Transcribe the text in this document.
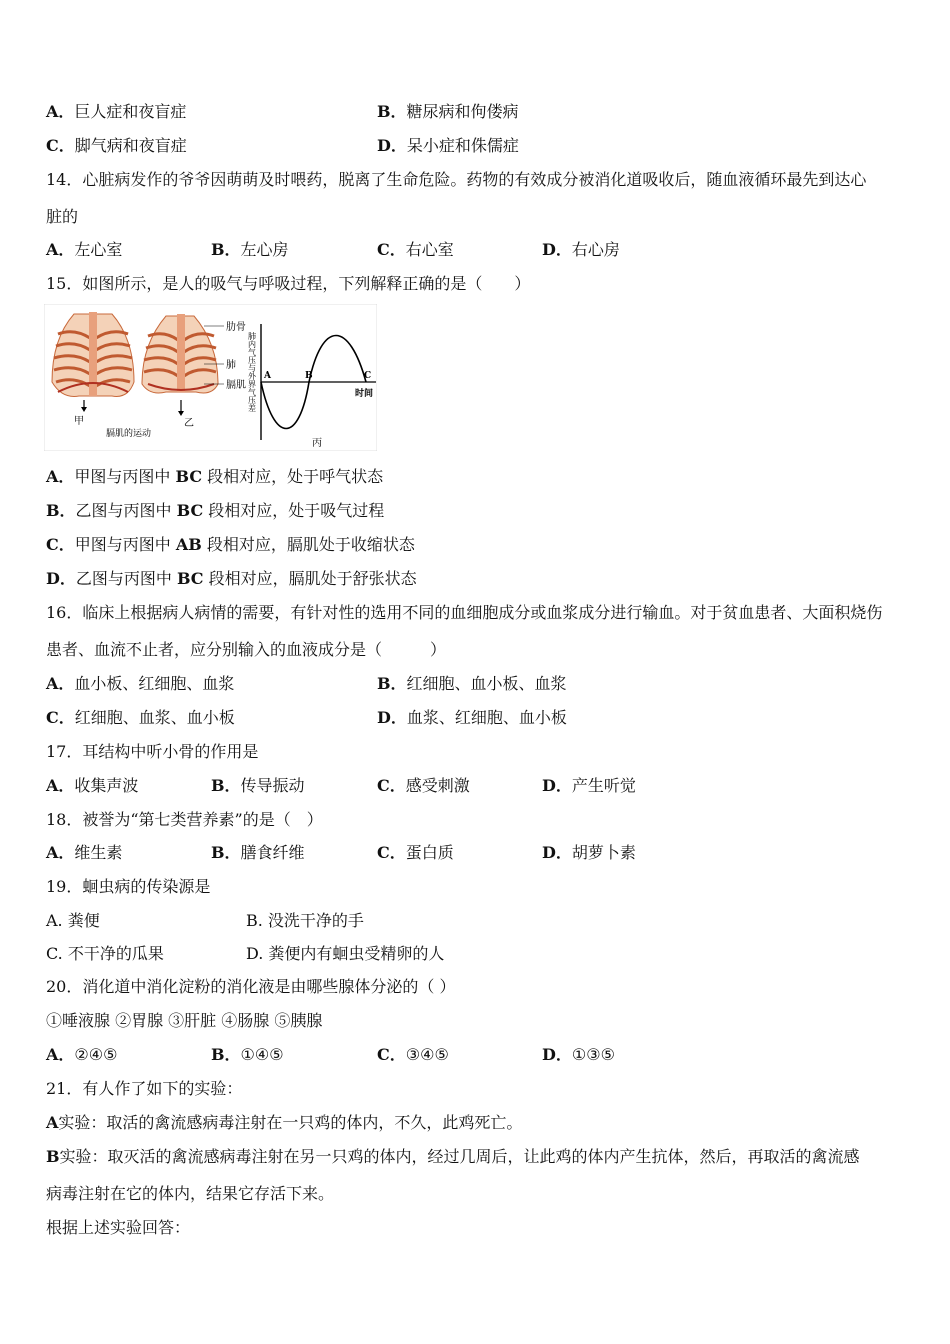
A．巨人症和夜盲症	B．糖尿病和佝偻病
C．脚气病和夜盲症	D．呆小症和侏儒症
14．心脏病发作的爷爷因萌萌及时喂药，脱离了生命危险。药物的有效成分被消化道吸收后，随血液循环最先到达心
脏的
A．左心室	B．左心房	C．右心室	D．右心房
15．如图所示，是人的吸气与呼吸过程，下列解释正确的是（　　）
肋骨
肺
膈肌
甲	乙
膈肌的运动
肺内气压与外界气压差 A	B	C
时间
丙
A．甲图与丙图中 BC 段相对应，处于呼气状态
B．乙图与丙图中 BC 段相对应，处于吸气过程
C．甲图与丙图中 AB 段相对应，膈肌处于收缩状态
D．乙图与丙图中 BC 段相对应，膈肌处于舒张状态
16．临床上根据病人病情的需要，有针对性的选用不同的血细胞成分或血浆成分进行输血。对于贫血患者、大面积烧伤
患者、血流不止者，应分别输入的血液成分是（　　　）
A．血小板、红细胞、血浆	B．红细胞、血小板、血浆
C．红细胞、血浆、血小板	D．血浆、红细胞、血小板
17．耳结构中听小骨的作用是
A．收集声波	B．传导振动	C．感受刺激	D．产生听觉
18．被誉为“第七类营养素”的是（　）
A．维生素	B．膳食纤维	C．蛋白质	D．胡萝卜素
19．蛔虫病的传染源是
A. 粪便	B. 没洗干净的手
C. 不干净的瓜果	D. 粪便内有蛔虫受精卵的人
20．消化道中消化淀粉的消化液是由哪些腺体分泌的（ ）
①唾液腺 ②胃腺 ③肝脏 ④肠腺 ⑤胰腺
A．②④⑤	B．①④⑤	C．③④⑤	D．①③⑤
21．有人作了如下的实验：
A实验：取活的禽流感病毒注射在一只鸡的体内，不久，此鸡死亡。
B实验：取灭活的禽流感病毒注射在另一只鸡的体内，经过几周后，让此鸡的体内产生抗体，然后，再取活的禽流感
病毒注射在它的体内，结果它存活下来。
根据上述实验回答：
